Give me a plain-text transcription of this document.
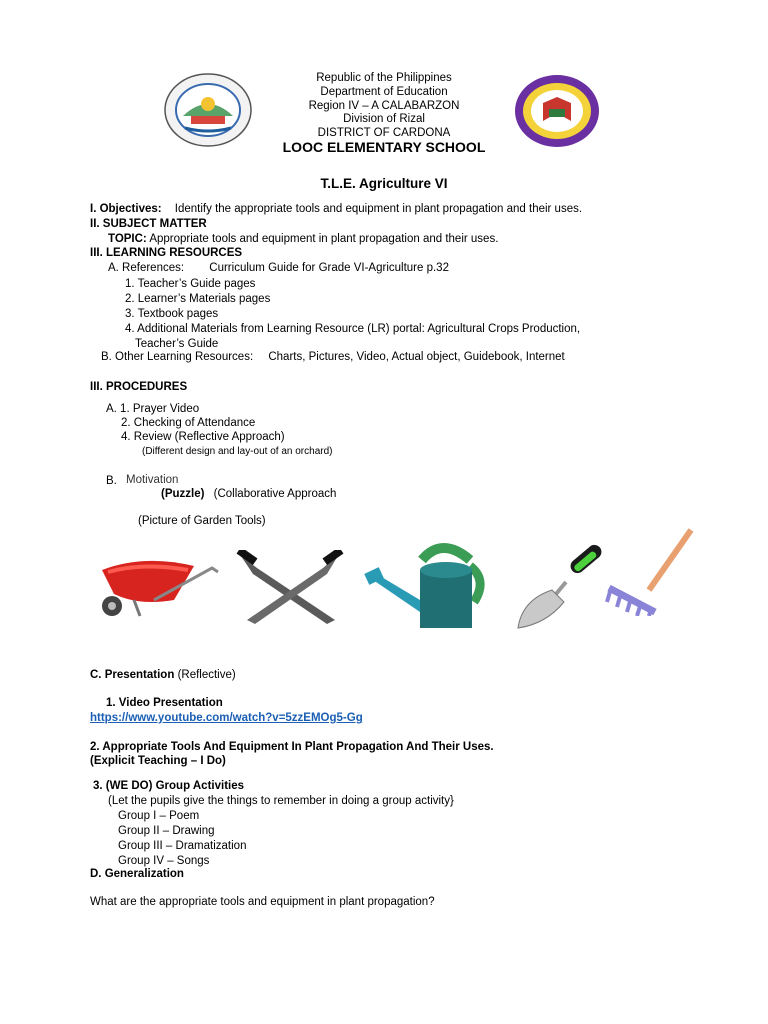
Republic of the Philippines
Department of Education
Region IV – A CALABARZON
Division of Rizal
DISTRICT OF CARDONA
LOOC ELEMENTARY SCHOOL
T.L.E. Agriculture VI
I. Objectives: Identify the appropriate tools and equipment in plant propagation and their uses.
II. SUBJECT MATTER
TOPIC: Appropriate tools and equipment in plant propagation and their uses.
III. LEARNING RESOURCES
A. References: Curriculum Guide for Grade VI-Agriculture p.32
1. Teacher’s Guide pages
2. Learner’s Materials pages
3. Textbook pages
4. Additional Materials from Learning Resource (LR) portal: Agricultural Crops Production,
Teacher’s Guide
B. Other Learning Resources: Charts, Pictures, Video, Actual object, Guidebook, Internet
III. PROCEDURES
A. 1. Prayer Video
2. Checking of Attendance
4. Review (Reflective Approach)
(Different design and lay-out of an orchard)
B. Motivation
(Puzzle) (Collaborative Approach
(Picture of Garden Tools)
C. Presentation (Reflective)
1. Video Presentation
https://www.youtube.com/watch?v=5zzEMOg5-Gg
2. Appropriate Tools And Equipment In Plant Propagation And Their Uses.
(Explicit Teaching – I Do)
3. (WE DO) Group Activities
(Let the pupils give the things to remember in doing a group activity}
Group I – Poem
Group II – Drawing
Group III – Dramatization
Group IV – Songs
D. Generalization
What are the appropriate tools and equipment in plant propagation?
